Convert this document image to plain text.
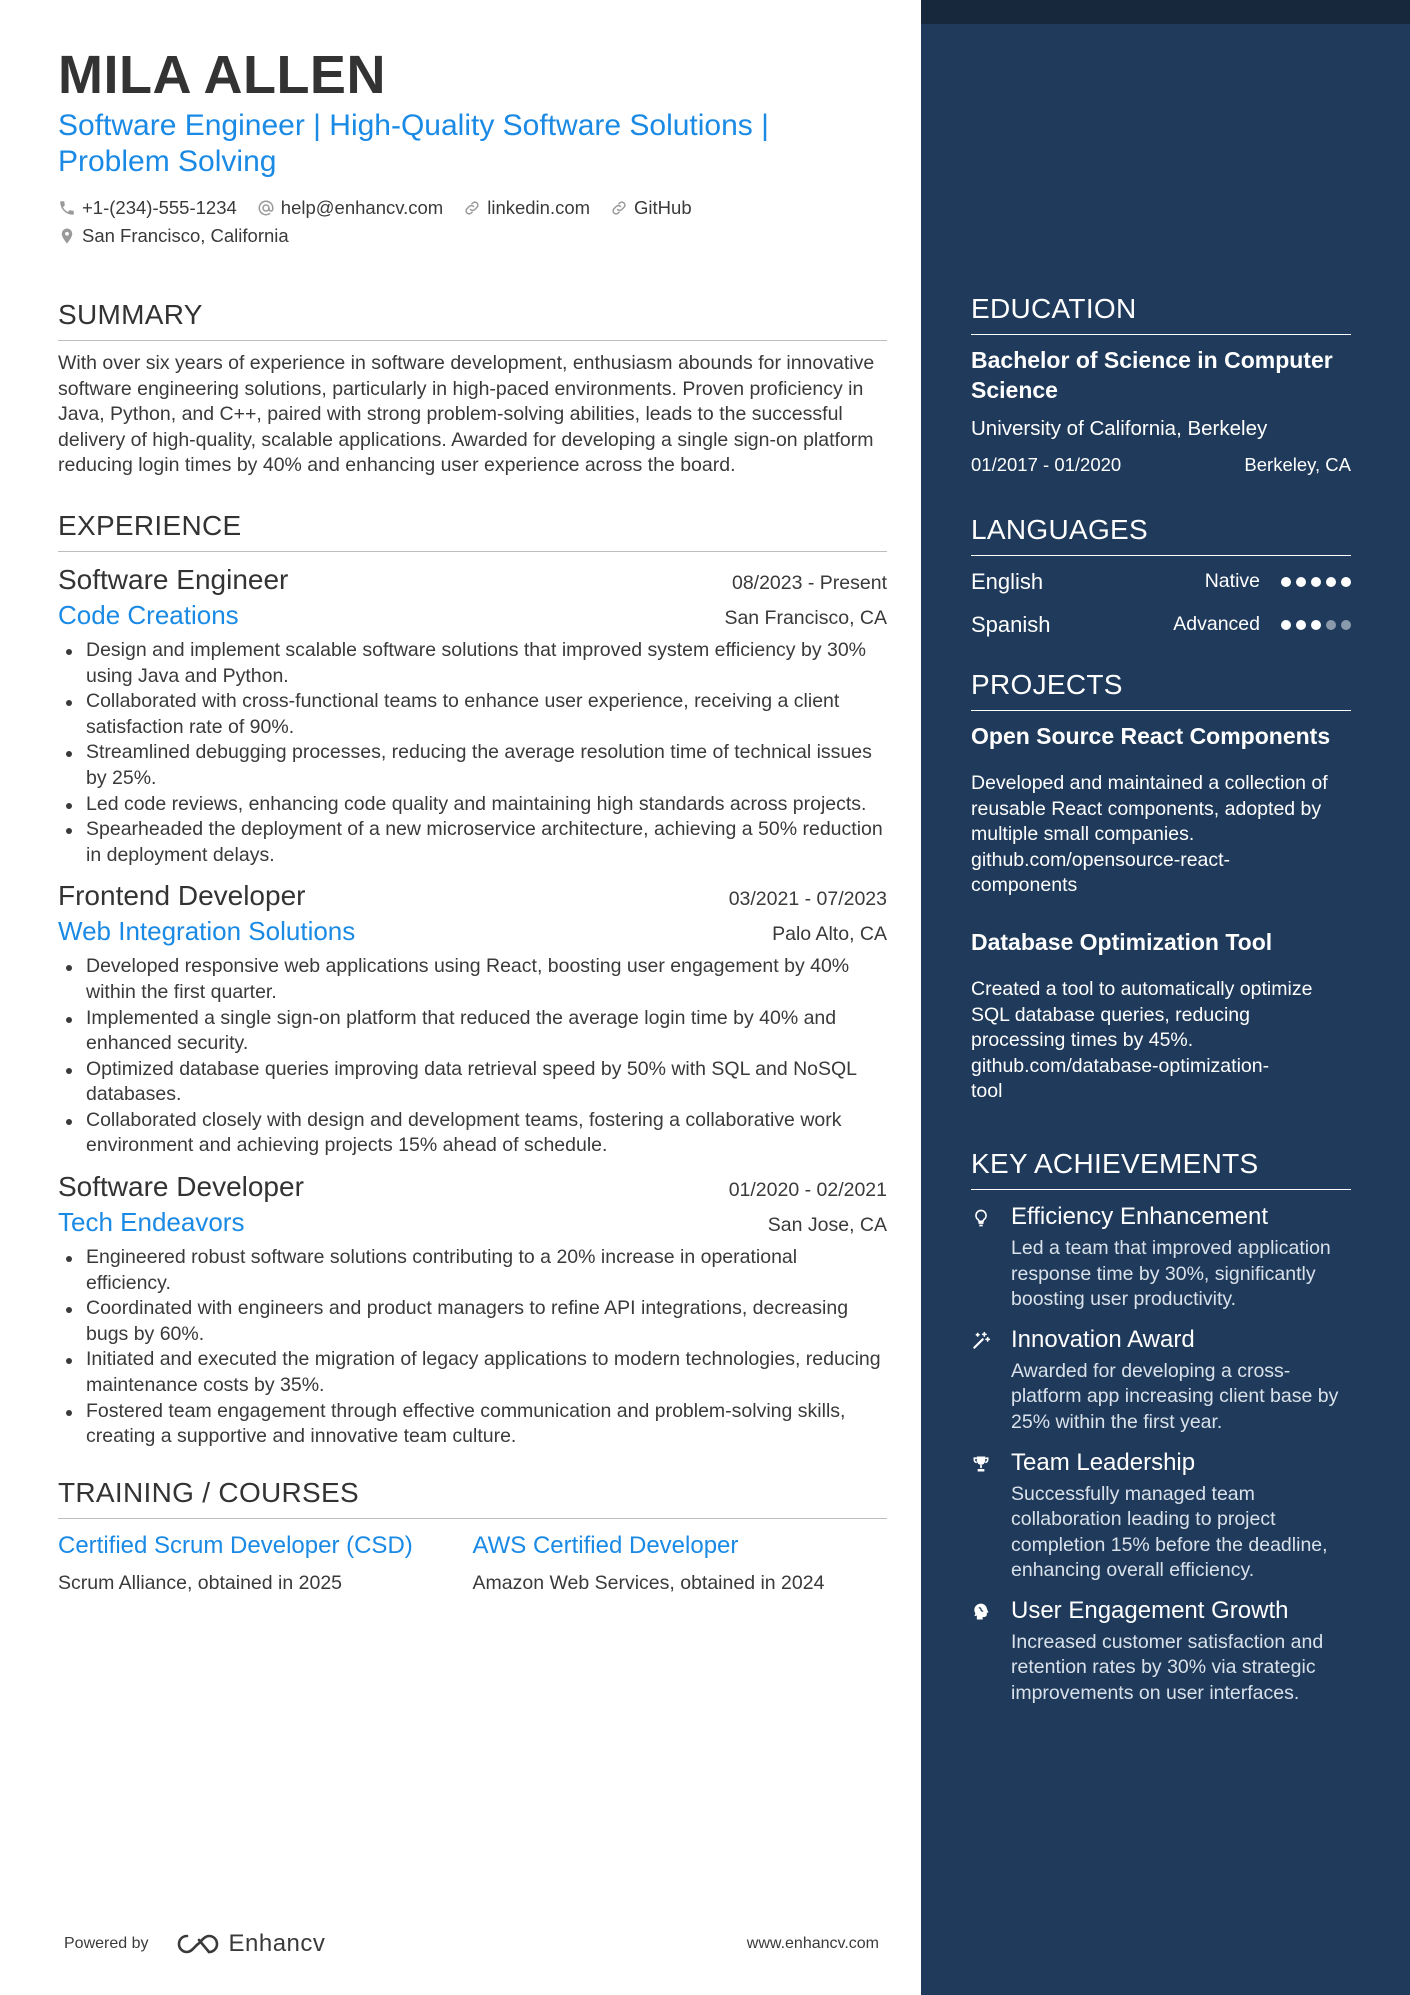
MILA ALLEN
Software Engineer | High-Quality Software Solutions |
Problem Solving
+1-(234)-555-1234 help@enhancv.com linkedin.com GitHub
San Francisco, California
SUMMARY
With over six years of experience in software development, enthusiasm abounds for innovative software engineering solutions, particularly in high-paced environments. Proven proficiency in Java, Python, and C++, paired with strong problem-solving abilities, leads to the successful delivery of high-quality, scalable applications. Awarded for developing a single sign-on platform reducing login times by 40% and enhancing user experience across the board.
EXPERIENCE
Software Engineer	08/2023 - Present
Code Creations	San Francisco, CA
Design and implement scalable software solutions that improved system efficiency by 30% using Java and Python.
Collaborated with cross-functional teams to enhance user experience, receiving a client satisfaction rate of 90%.
Streamlined debugging processes, reducing the average resolution time of technical issues by 25%.
Led code reviews, enhancing code quality and maintaining high standards across projects.
Spearheaded the deployment of a new microservice architecture, achieving a 50% reduction in deployment delays.
Frontend Developer	03/2021 - 07/2023
Web Integration Solutions	Palo Alto, CA
Developed responsive web applications using React, boosting user engagement by 40% within the first quarter.
Implemented a single sign-on platform that reduced the average login time by 40% and enhanced security.
Optimized database queries improving data retrieval speed by 50% with SQL and NoSQL databases.
Collaborated closely with design and development teams, fostering a collaborative work environment and achieving projects 15% ahead of schedule.
Software Developer	01/2020 - 02/2021
Tech Endeavors	San Jose, CA
Engineered robust software solutions contributing to a 20% increase in operational efficiency.
Coordinated with engineers and product managers to refine API integrations, decreasing bugs by 60%.
Initiated and executed the migration of legacy applications to modern technologies, reducing maintenance costs by 35%.
Fostered team engagement through effective communication and problem-solving skills, creating a supportive and innovative team culture.
TRAINING / COURSES
Certified Scrum Developer (CSD)
Scrum Alliance, obtained in 2025
AWS Certified Developer
Amazon Web Services, obtained in 2024
Powered by	Enhancv	www.enhancv.com
EDUCATION
Bachelor of Science in Computer Science
University of California, Berkeley
01/2017 - 01/2020	Berkeley, CA
LANGUAGES
English	Native
Spanish	Advanced
PROJECTS
Open Source React Components
Developed and maintained a collection of reusable React components, adopted by multiple small companies.
github.com/opensource-react-
components
Database Optimization Tool
Created a tool to automatically optimize SQL database queries, reducing processing times by 45%.
github.com/database-optimization-
tool
KEY ACHIEVEMENTS
Efficiency Enhancement
Led a team that improved application response time by 30%, significantly boosting user productivity.
Innovation Award
Awarded for developing a cross-platform app increasing client base by 25% within the first year.
Team Leadership
Successfully managed team collaboration leading to project completion 15% before the deadline, enhancing overall efficiency.
User Engagement Growth
Increased customer satisfaction and retention rates by 30% via strategic improvements on user interfaces.
